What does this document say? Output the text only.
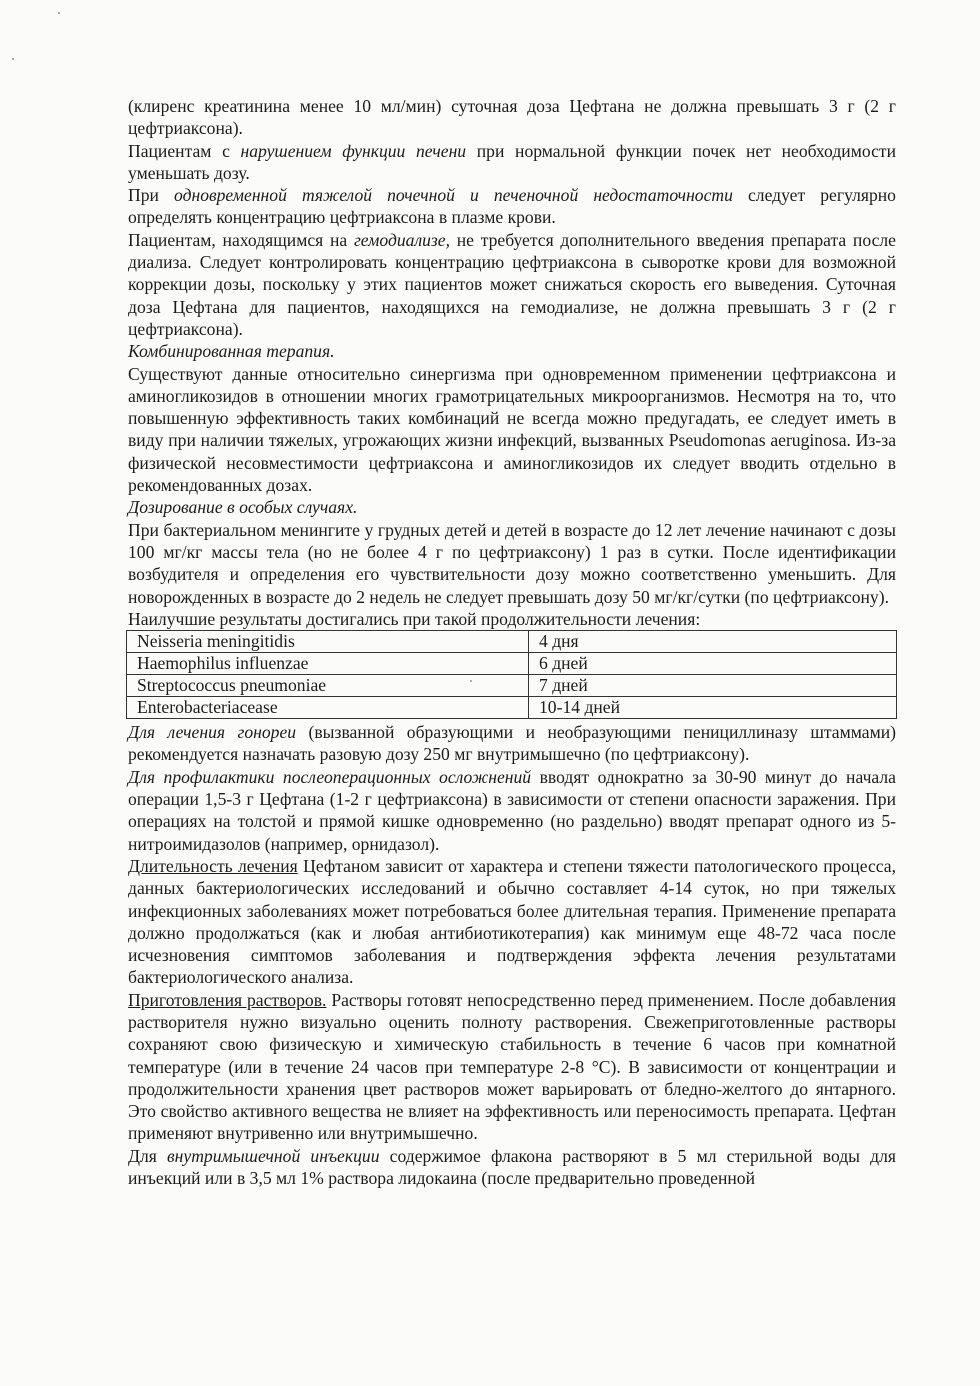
(клиренс креатинина менее 10 мл/мин) суточная доза Цефтана не должна превышать 3 г (2 г цефтриаксона).

Пациентам с нарушением функции печени при нормальной функции почек нет необходимости уменьшать дозу.

При одновременной тяжелой почечной и печеночной недостаточности следует регулярно определять концентрацию цефтриаксона в плазме крови.

Пациентам, находящимся на гемодиализе, не требуется дополнительного введения препарата после диализа. Следует контролировать концентрацию цефтриаксона в сыворотке крови для возможной коррекции дозы, поскольку у этих пациентов может снижаться скорость его выведения. Суточная доза Цефтана для пациентов, находящихся на гемодиализе, не должна превышать 3 г (2 г цефтриаксона).

Комбинированная терапия.

Существуют данные относительно синергизма при одновременном применении цефтриаксона и аминогликозидов в отношении многих грамотрицательных микроорганизмов. Несмотря на то, что повышенную эффективность таких комбинаций не всегда можно предугадать, ее следует иметь в виду при наличии тяжелых, угрожающих жизни инфекций, вызванных Pseudomonas aeruginosa. Из-за физической несовместимости цефтриаксона и аминогликозидов их следует вводить отдельно в рекомендованных дозах.

Дозирование в особых случаях.

При бактериальном менингите у грудных детей и детей в возрасте до 12 лет лечение начинают с дозы 100 мг/кг массы тела (но не более 4 г по цефтриаксону) 1 раз в сутки. После идентификации возбудителя и определения его чувствительности дозу можно соответственно уменьшить. Для новорожденных в возрасте до 2 недель не следует превышать дозу 50 мг/кг/сутки (по цефтриаксону).

Наилучшие результаты достигались при такой продолжительности лечения:

Neisseria meningitidis	4 дня
Haemophilus influenzae	6 дней
Streptococcus pneumoniae	7 дней
Enterobacteriacease	10-14 дней

Для лечения гонореи (вызванной образующими и необразующими пенициллиназу штаммами) рекомендуется назначать разовую дозу 250 мг внутримышечно (по цефтриаксону).

Для профилактики послеоперационных осложнений вводят однократно за 30-90 минут до начала операции 1,5-3 г Цефтана (1-2 г цефтриаксона) в зависимости от степени опасности заражения. При операциях на толстой и прямой кишке одновременно (но раздельно) вводят препарат одного из 5-нитроимидазолов (например, орнидазол).

Длительность лечения Цефтаном зависит от характера и степени тяжести патологического процесса, данных бактериологических исследований и обычно составляет 4-14 суток, но при тяжелых инфекционных заболеваниях может потребоваться более длительная терапия. Применение препарата должно продолжаться (как и любая антибиотикотерапия) как минимум еще 48-72 часа после исчезновения симптомов заболевания и подтверждения эффекта лечения результатами бактериологического анализа.

Приготовления растворов. Растворы готовят непосредственно перед применением. После добавления растворителя нужно визуально оценить полноту растворения. Свежеприготовленные растворы сохраняют свою физическую и химическую стабильность в течение 6 часов при комнатной температуре (или в течение 24 часов при температуре 2-8 °C). В зависимости от концентрации и продолжительности хранения цвет растворов может варьировать от бледно-желтого до янтарного. Это свойство активного вещества не влияет на эффективность или переносимость препарата. Цефтан применяют внутривенно или внутримышечно.

Для внутримышечной инъекции содержимое флакона растворяют в 5 мл стерильной воды для инъекций или в 3,5 мл 1% раствора лидокаина (после предварительно проведенной
